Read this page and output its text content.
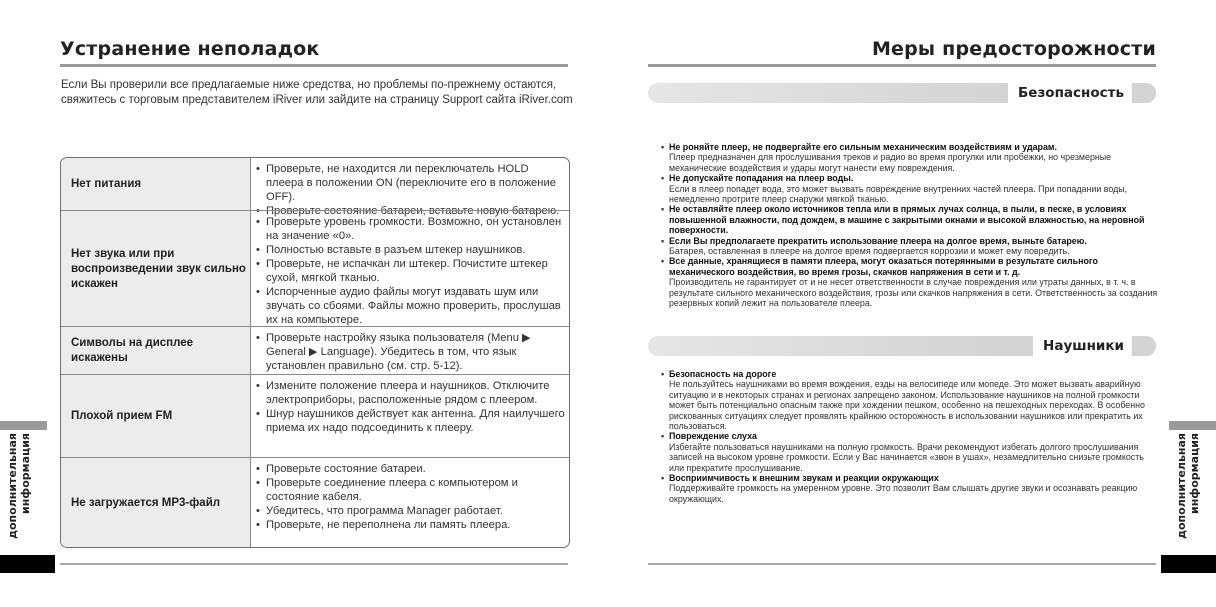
Устранение неполадок
Если Вы проверили все предлагаемые ниже средства, но проблемы по-прежнему остаются, свяжитесь с торговым представителем iRiver или зайдите на страницу Support сайта iRiver.com
Нет питания
• Проверьте, не находится ли переключатель HOLD плеера в положении ON (переключите его в положение OFF).
• Проверьте состояние батареи, вставьте новую батарею.
Нет звука или при воспроизведении звук сильно искажен
• Проверьте уровень громкости. Возможно, он установлен на значение «0».
• Полностью вставьте в разъем штекер наушников.
• Проверьте, не испачкан ли штекер. Почистите штекер сухой, мягкой тканью.
• Испорченные аудио файлы могут издавать шум или звучать со сбоями. Файлы можно проверить, прослушав их на компьютере.
Символы на дисплее искажены
• Проверьте настройку языка пользователя (Menu ▶ General ▶ Language). Убедитесь в том, что язык установлен правильно (см. стр. 5-12).
Плохой прием FM
• Измените положение плеера и наушников. Отключите электроприборы, расположенные рядом с плеером.
• Шнур наушников действует как антенна. Для наилучшего приема их надо подсоединить к плееру.
Не загружается MP3-файл
• Проверьте состояние батареи.
• Проверьте соединение плеера с компьютером и состояние кабеля.
• Убедитесь, что программа Manager работает.
• Проверьте, не переполнена ли память плеера.
дополнительная информация
Меры предосторожности
Безопасность
• Не роняйте плеер, не подвергайте его сильным механическим воздействиям и ударам.
Плеер предназначен для прослушивания треков и радио во время прогулки или пробежки, но чрезмерные механические воздействия и удары могут нанести ему повреждения.
• Не допускайте попадания на плеер воды.
Если в плеер попадет вода, это может вызвать повреждение внутренних частей плеера. При попадании воды, немедленно протрите плеер снаружи мягкой тканью.
• Не оставляйте плеер около источников тепла или в прямых лучах солнца, в пыли, в песке, в условиях повышенной влажности, под дождем, в машине с закрытыми окнами и высокой влажностью, на неровной поверхности.
• Если Вы предполагаете прекратить использование плеера на долгое время, выньте батарею.
Батарея, оставленная в плеере на долгое время подвергается коррозии и может ему повредить.
• Все данные, хранящиеся в памяти плеера, могут оказаться потерянными в результате сильного механического воздействия, во время грозы, скачков напряжения в сети и т. д.
Производитель не гарантирует от и не несет ответственности в случае повреждения или утраты данных, в т. ч. в результате сильного механического воздействия, грозы или скачков напряжения в сети. Ответственность за создания резервных копий лежит на пользователе плеера.
Наушники
• Безопасность на дороге
Не пользуйтесь наушниками во время вождения, езды на велосипеде или мопеде. Это может вызвать аварийную ситуацию и в некоторых странах и регионах запрещено законом. Использование наушников на полной громкости может быть потенциально опасным также при хождении пешком, особенно на пешеходных переходах. В особенно рискованных ситуациях следует проявлять крайнюю осторожность в использовании наушников или прекратить их пользоваться.
• Повреждение слуха
Избегайте пользоваться наушниками на полную громкость. Врачи рекомендуют избегать долгого прослушивания записей на высоком уровне громкости. Если у Вас начинается «звон в ушах», незамедлительно снизьте громкость или прекратите прослушивание.
• Восприимчивость к внешним звукам и реакции окружающих
Поддерживайте громкость на умеренном уровне. Это позволит Вам слышать другие звуки и осознавать реакцию окружающих.	дополнительная информация
